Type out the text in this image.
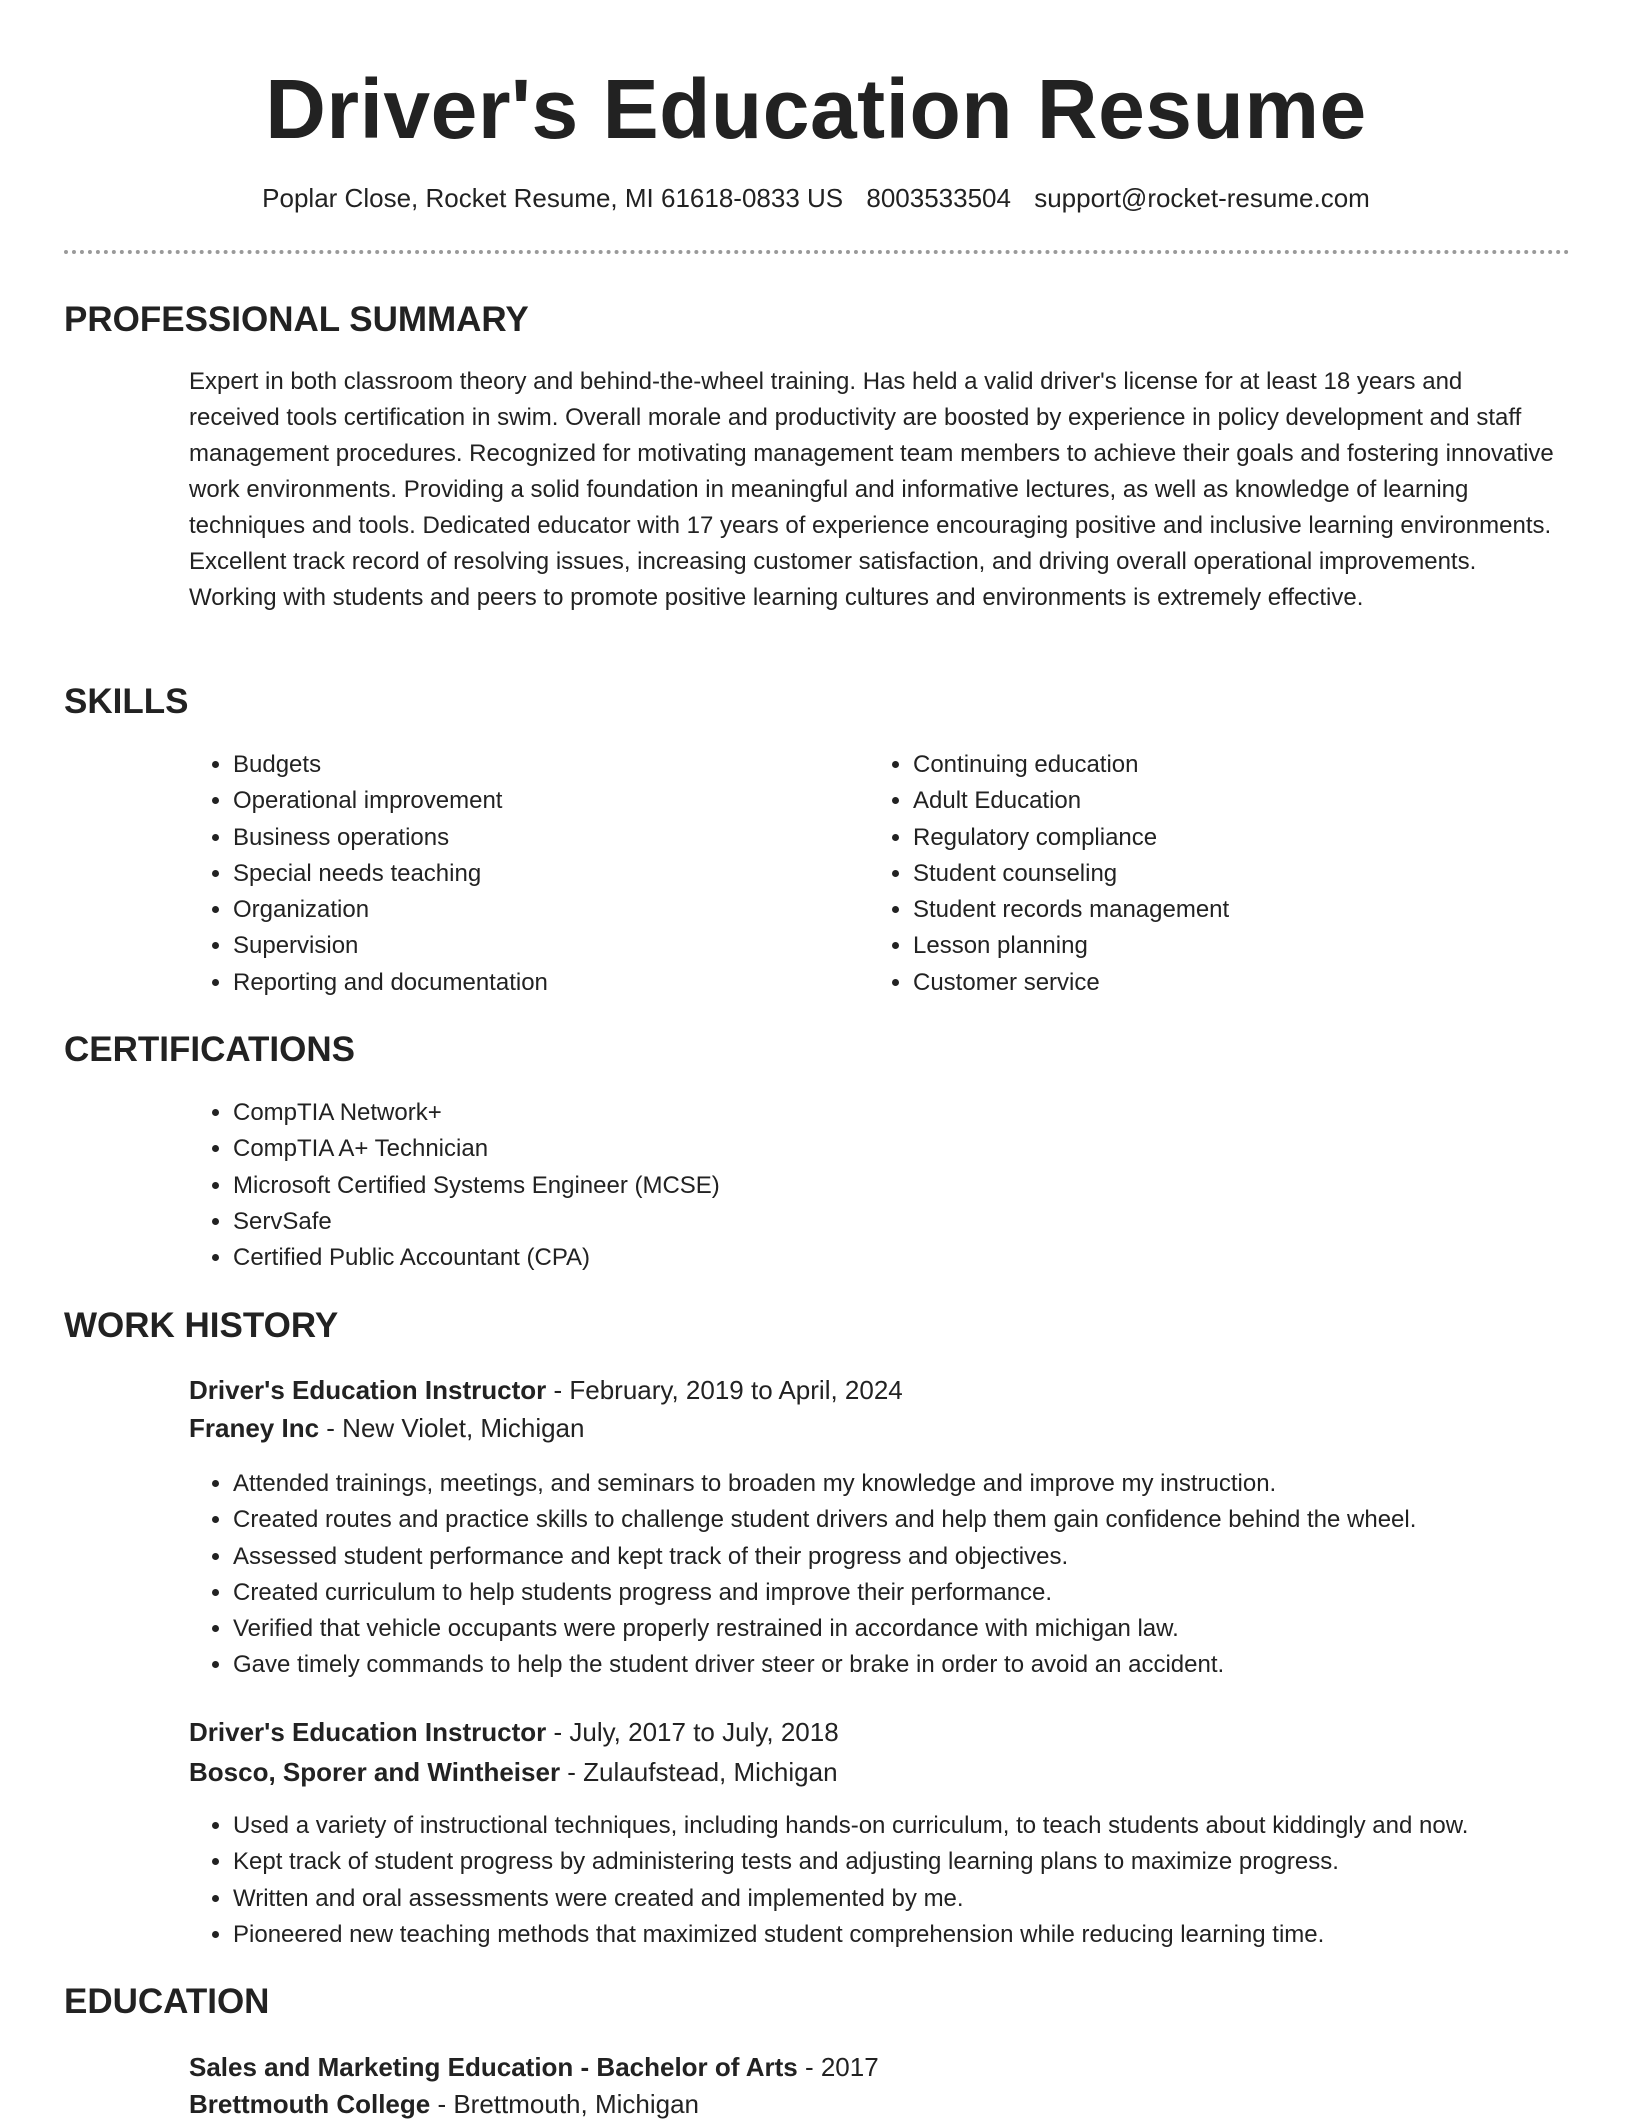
Driver's Education Resume
Poplar Close, Rocket Resume, MI 61618-0833 US 8003533504 support@rocket-resume.com
PROFESSIONAL SUMMARY

Expert in both classroom theory and behind-the-wheel training. Has held a valid driver's license for at least 18 years and received tools certification in swim. Overall morale and productivity are boosted by experience in policy development and staff management procedures. Recognized for motivating management team members to achieve their goals and fostering innovative work environments. Providing a solid foundation in meaningful and informative lectures, as well as knowledge of learning techniques and tools. Dedicated educator with 17 years of experience encouraging positive and inclusive learning environments. Excellent track record of resolving issues, increasing customer satisfaction, and driving overall operational improvements. Working with students and peers to promote positive learning cultures and environments is extremely effective.

SKILLS
• Budgets
• Operational improvement
• Business operations
• Special needs teaching
• Organization
• Supervision
• Reporting and documentation
• Continuing education
• Adult Education
• Regulatory compliance
• Student counseling
• Student records management
• Lesson planning
• Customer service
CERTIFICATIONS
• CompTIA Network+
• CompTIA A+ Technician
• Microsoft Certified Systems Engineer (MCSE)
• ServSafe
• Certified Public Accountant (CPA)
WORK HISTORY
Driver's Education Instructor - February, 2019 to April, 2024
Franey Inc - New Violet, Michigan
• Attended trainings, meetings, and seminars to broaden my knowledge and improve my instruction.
• Created routes and practice skills to challenge student drivers and help them gain confidence behind the wheel.
• Assessed student performance and kept track of their progress and objectives.
• Created curriculum to help students progress and improve their performance.
• Verified that vehicle occupants were properly restrained in accordance with michigan law.
• Gave timely commands to help the student driver steer or brake in order to avoid an accident.
Driver's Education Instructor - July, 2017 to July, 2018
Bosco, Sporer and Wintheiser - Zulaufstead, Michigan
• Used a variety of instructional techniques, including hands-on curriculum, to teach students about kiddingly and now.
• Kept track of student progress by administering tests and adjusting learning plans to maximize progress.
• Written and oral assessments were created and implemented by me.
• Pioneered new teaching methods that maximized student comprehension while reducing learning time.
EDUCATION
Sales and Marketing Education - Bachelor of Arts - 2017
Brettmouth College - Brettmouth, Michigan
